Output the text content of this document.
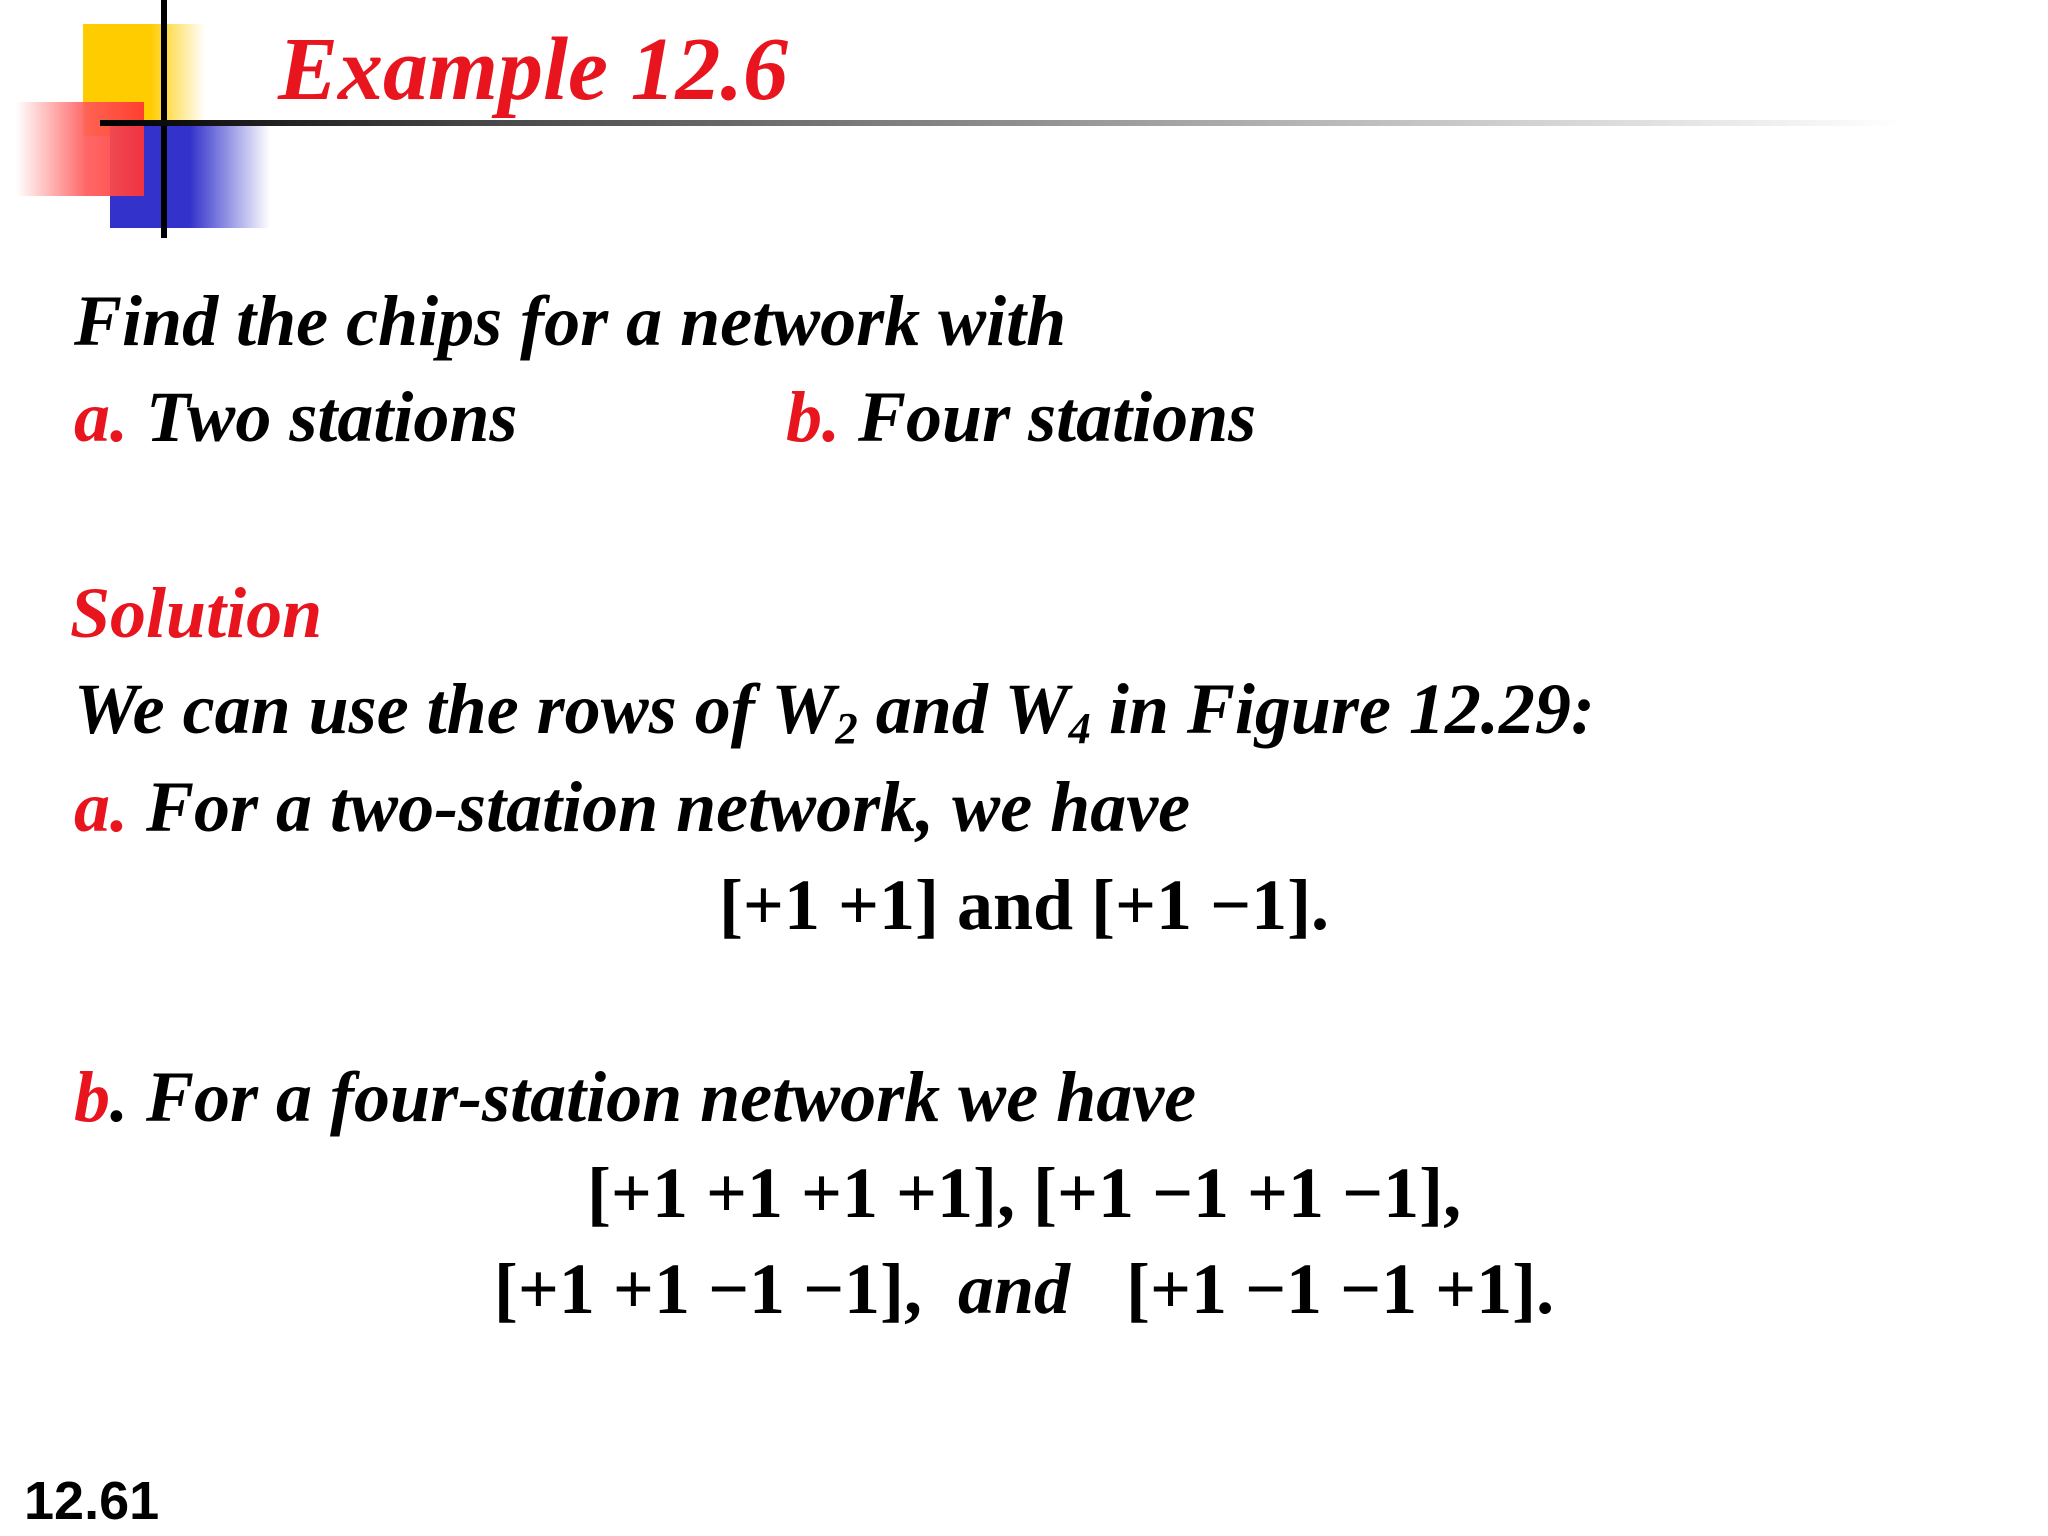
Example 12.6
Find the chips for a network with
a. Two stations	b. Four stations
Solution
We can use the rows of $W_2$ and $W_4$ in Figure 12.29:
a. For a two-station network, we have
[+1 +1] and [+1 −1].
b. For a four-station network we have
[+1 +1 +1 +1], [+1 −1 +1 −1],
[+1 +1 −1 −1], and [+1 −1 −1 +1].
12.61
